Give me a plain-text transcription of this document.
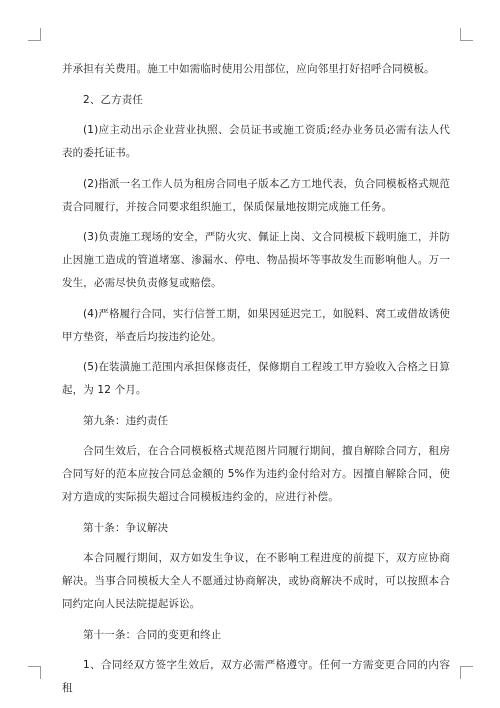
并承担有关费用。施工中如需临时使用公用部位，应向邻里打好招呼合同模板。

2、乙方责任

(1)应主动出示企业营业执照、会员证书或施工资质;经办业务员必需有法人代表的委托证书。

(2)指派一名工作人员为租房合同电子版本乙方工地代表，负合同模板格式规范责合同履行，并按合同要求组织施工，保质保量地按期完成施工任务。

(3)负责施工现场的安全，严防火灾、佩证上岗、文合同模板下载明施工，并防止因施工造成的管道堵塞、渗漏水、停电、物品损坏等事故发生而影响他人。万一发生，必需尽快负责修复或赔偿。

(4)严格履行合同，实行信誉工期，如果因延迟完工，如脱料、窝工或借故诱使甲方垫资，举查后均按违约论处。

(5)在装潢施工范围内承担保修责任，保修期自工程竣工甲方验收入合格之日算起，为 12 个月。

第九条：违约责任

合同生效后，在合合同模板格式规范图片同履行期间，擅自解除合同方，租房合同写好的范本应按合同总金额的 5%作为违约金付给对方。因擅自解除合同，使对方造成的实际损失超过合同模板违约金的，应进行补偿。

第十条：争议解决

本合同履行期间，双方如发生争议，在不影响工程进度的前提下，双方应协商解决。当事合同模板大全人不愿通过协商解决，或协商解决不成时，可以按照本合同约定向人民法院提起诉讼。

第十一条：合同的变更和终止

1、合同经双方签字生效后，双方必需严格遵守。任何一方需变更合同的内容租
